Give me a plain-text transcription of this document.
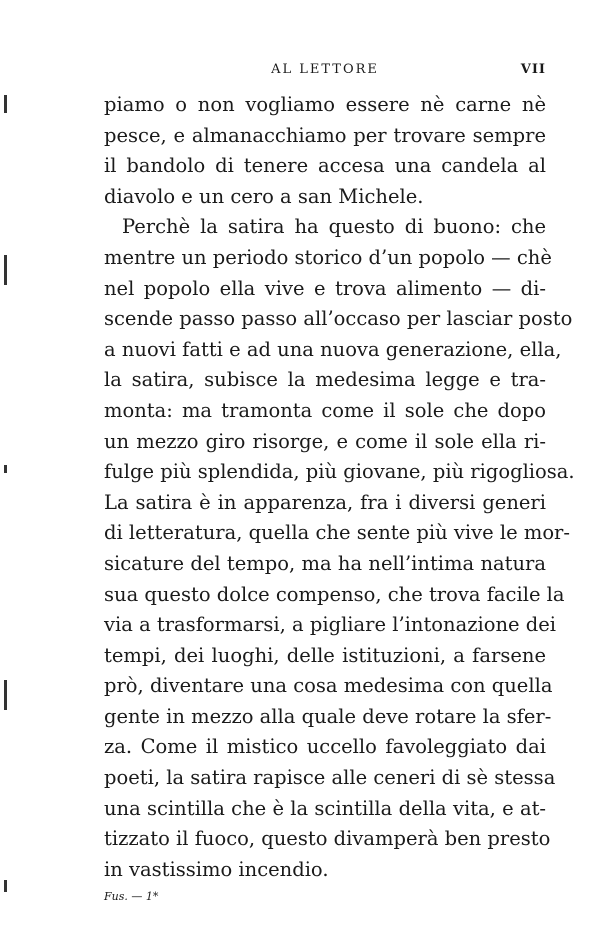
AL LETTORE	VII
piamo o non vogliamo essere nè carne nè
pesce, e almanacchiamo per trovare sempre
il bandolo di tenere accesa una candela al
diavolo e un cero a san Michele.
Perchè la satira ha questo di buono: che
mentre un periodo storico d’un popolo — chè
nel popolo ella vive e trova alimento — di-
scende passo passo all’occaso per lasciar posto
a nuovi fatti e ad una nuova generazione, ella,
la satira, subisce la medesima legge e tra-
monta: ma tramonta come il sole che dopo
un mezzo giro risorge, e come il sole ella ri-
fulge più splendida, più giovane, più rigogliosa.
La satira è in apparenza, fra i diversi generi
di letteratura, quella che sente più vive le mor-
sicature del tempo, ma ha nell’intima natura
sua questo dolce compenso, che trova facile la
via a trasformarsi, a pigliare l’intonazione dei
tempi, dei luoghi, delle istituzioni, a farsene
prò, diventare una cosa medesima con quella
gente in mezzo alla quale deve rotare la sfer-
za. Come il mistico uccello favoleggiato dai
poeti, la satira rapisce alle ceneri di sè stessa
una scintilla che è la scintilla della vita, e at-
tizzato il fuoco, questo divamperà ben presto
in vastissimo incendio.
Fus. — 1*
